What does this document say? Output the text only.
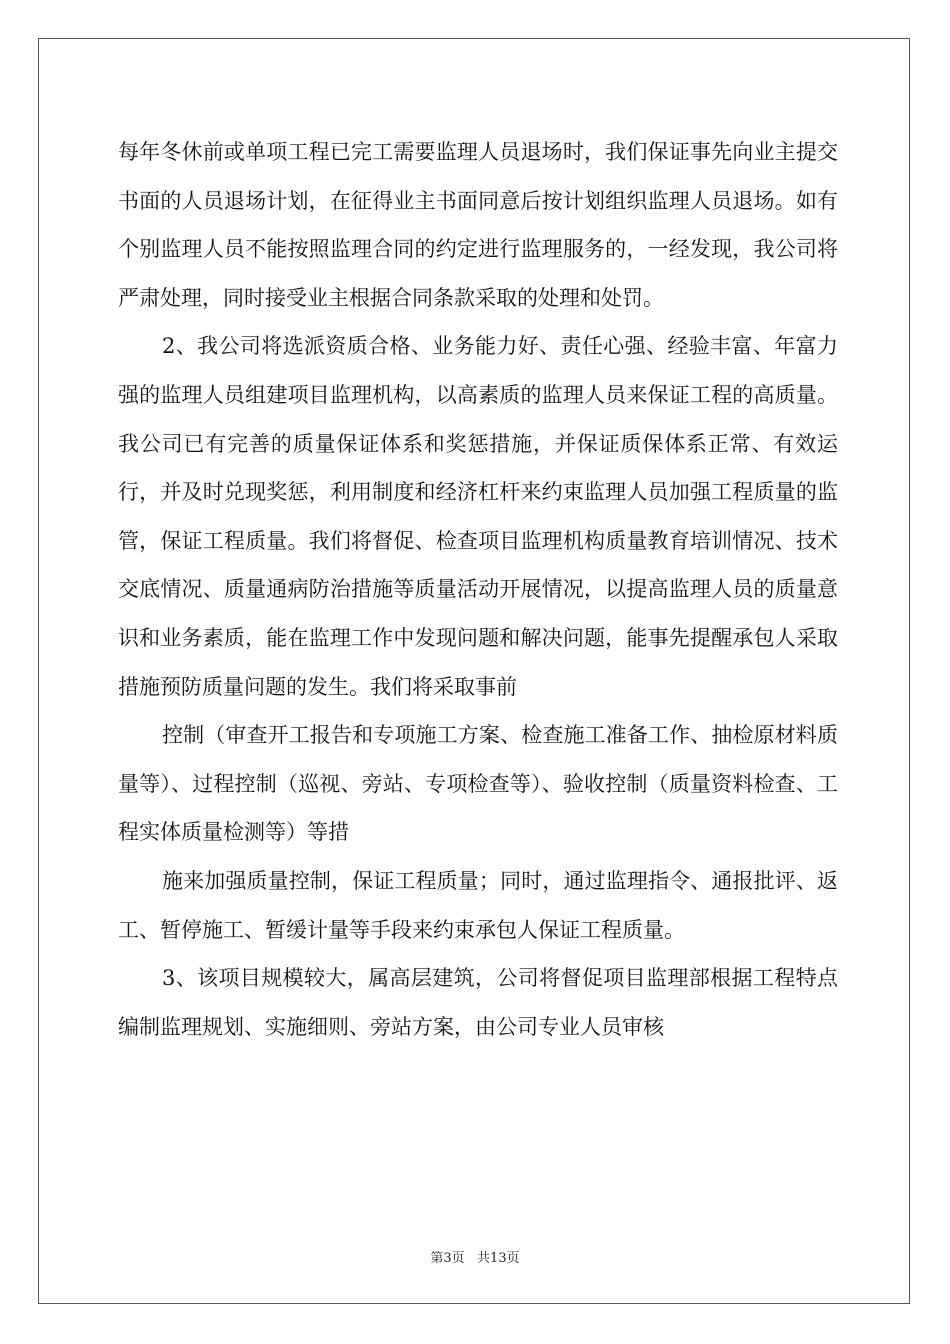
每年冬休前或单项工程已完工需要监理人员退场时，我们保证事先向业主提交书面的人员退场计划，在征得业主书面同意后按计划组织监理人员退场。如有个别监理人员不能按照监理合同的约定进行监理服务的，一经发现，我公司将严肃处理，同时接受业主根据合同条款采取的处理和处罚。

2、我公司将选派资质合格、业务能力好、责任心强、经验丰富、年富力强的监理人员组建项目监理机构，以高素质的监理人员来保证工程的高质量。我公司已有完善的质量保证体系和奖惩措施，并保证质保体系正常、有效运行，并及时兑现奖惩，利用制度和经济杠杆来约束监理人员加强工程质量的监管，保证工程质量。我们将督促、检查项目监理机构质量教育培训情况、技术交底情况、质量通病防治措施等质量活动开展情况，以提高监理人员的质量意识和业务素质，能在监理工作中发现问题和解决问题，能事先提醒承包人采取措施预防质量问题的发生。我们将采取事前

控制（审查开工报告和专项施工方案、检查施工准备工作、抽检原材料质量等）、过程控制（巡视、旁站、专项检查等）、验收控制（质量资料检查、工程实体质量检测等）等措

施来加强质量控制，保证工程质量；同时，通过监理指令、通报批评、返工、暂停施工、暂缓计量等手段来约束承包人保证工程质量。

3、该项目规模较大，属高层建筑，公司将督促项目监理部根据工程特点编制监理规划、实施细则、旁站方案，由公司专业人员审核

第3页   共13页
